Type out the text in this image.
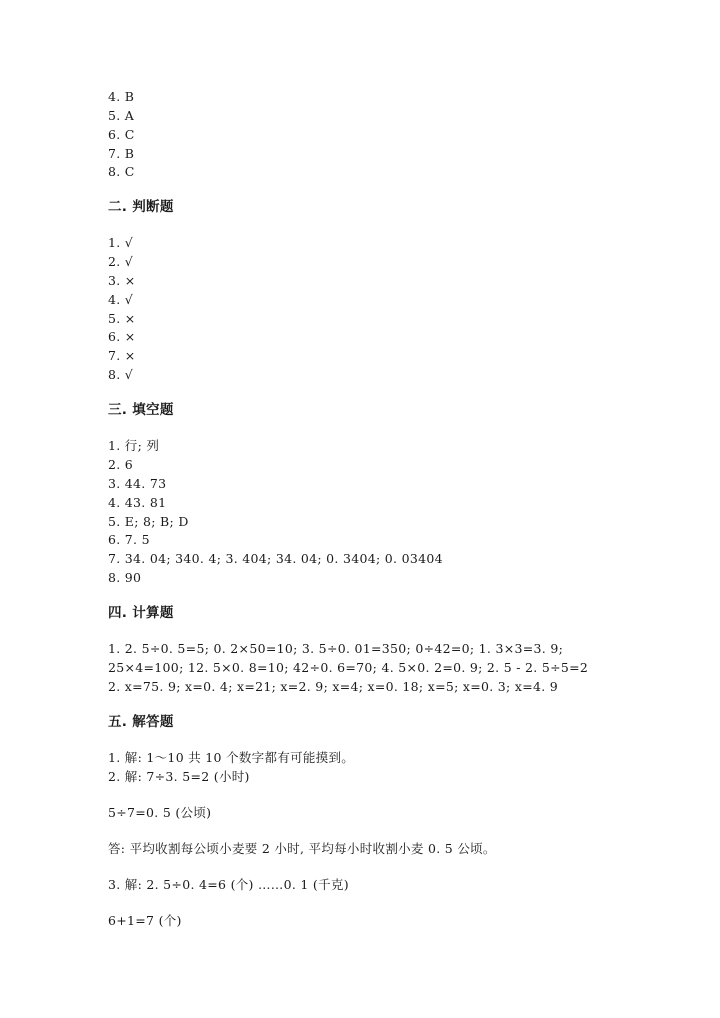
4. B
5. A
6. C
7. B
8. C
二. 判断题
1. √
2. √
3. ×
4. √
5. ×
6. ×
7. ×
8. √
三. 填空题
1. 行; 列
2. 6
3. 44. 73
4. 43. 81
5. E; 8; B; D
6. 7. 5
7. 34. 04; 340. 4; 3. 404; 34. 04; 0. 3404; 0. 03404
8. 90
四. 计算题
1. 2. 5÷0. 5=5; 0. 2×50=10; 3. 5÷0. 01=350; 0÷42=0; 1. 3×3=3. 9;
25×4=100; 12. 5×0. 8=10; 42÷0. 6=70; 4. 5×0. 2=0. 9; 2. 5 - 2. 5÷5=2
2. x=75. 9; x=0. 4; x=21; x=2. 9; x=4; x=0. 18; x=5; x=0. 3; x=4. 9
五. 解答题
1. 解: 1～10 共 10 个数字都有可能摸到。
2. 解: 7÷3. 5=2 (小时)
5÷7=0. 5 (公顷)
答: 平均收割每公顷小麦要 2 小时, 平均每小时收割小麦 0. 5 公顷。
3. 解: 2. 5÷0. 4=6 (个) ……0. 1 (千克)
6+1=7 (个)
